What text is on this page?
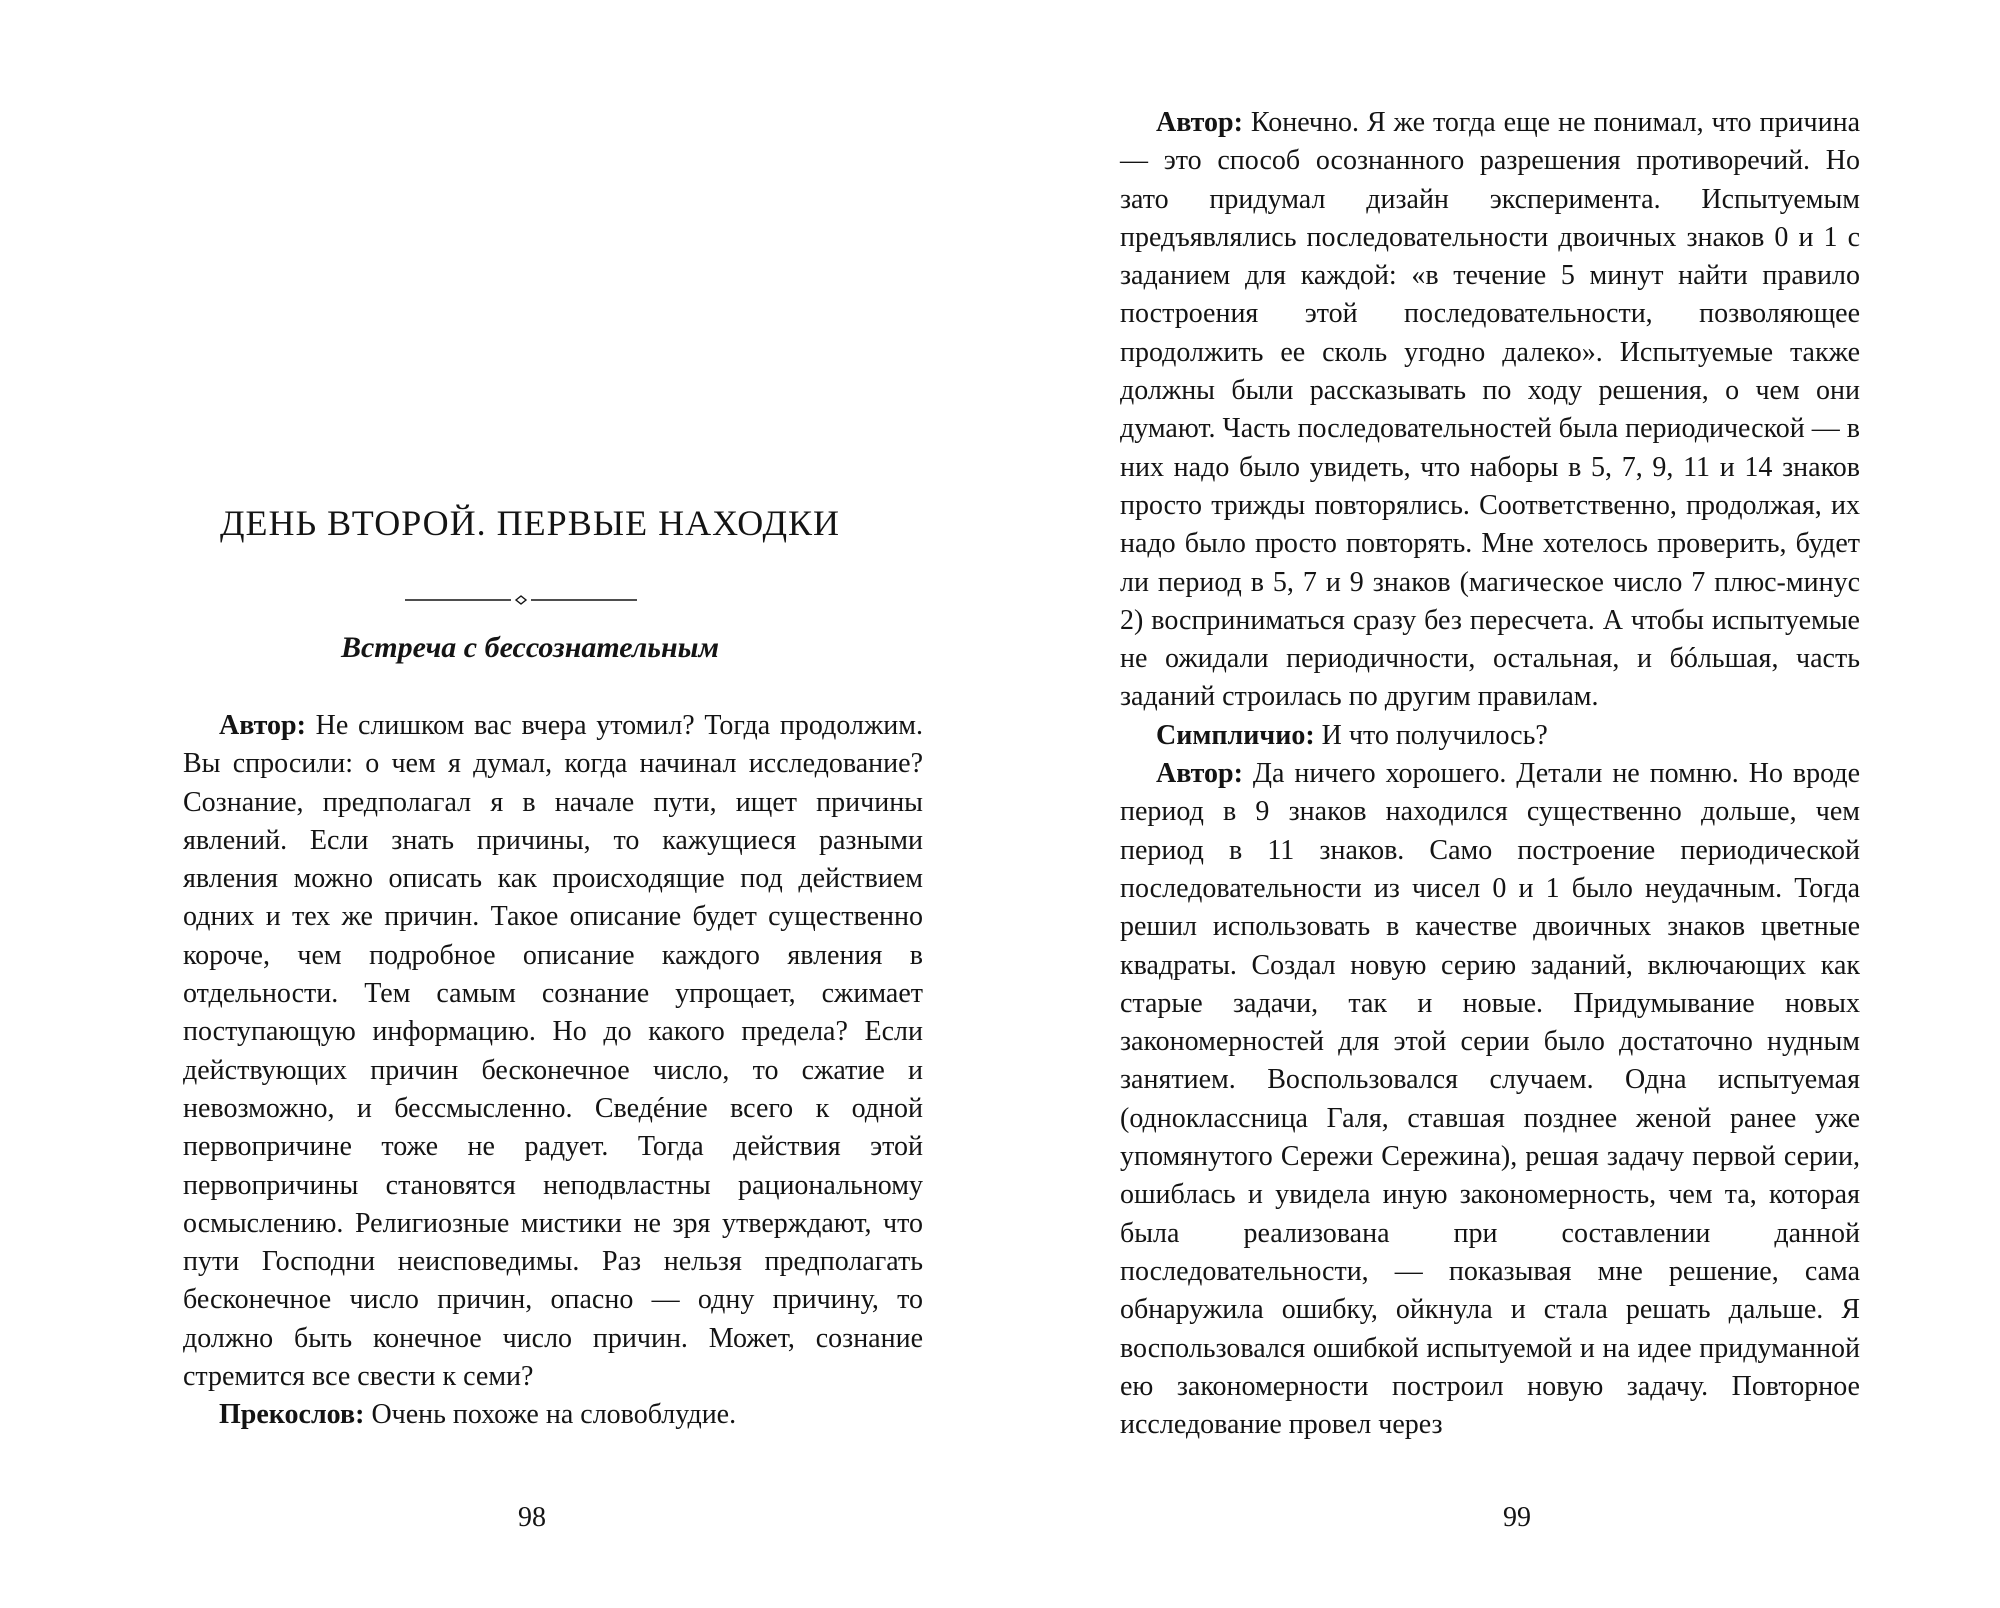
ДЕНЬ ВТОРОЙ. ПЕРВЫЕ НАХОДКИ
Встреча с бессознательным

Автор: Не слишком вас вчера утомил? Тогда продолжим. Вы спросили: о чем я думал, когда начинал исследование? Сознание, предполагал я в начале пути, ищет причины явлений. Если знать причины, то кажущиеся разными явления можно описать как происходящие под действием одних и тех же причин. Такое описание будет существенно короче, чем подробное описание каждого явления в отдельности. Тем самым сознание упрощает, сжимает поступающую информацию. Но до какого предела? Если действующих причин бесконечное число, то сжатие и невозможно, и бессмысленно. Сведéние всего к одной первопричине тоже не радует. Тогда действия этой первопричины становятся неподвластны рациональному осмыслению. Религиозные мистики не зря утверждают, что пути Господни неисповедимы. Раз нельзя предполагать бесконечное число причин, опасно — одну причину, то должно быть конечное число причин. Может, сознание стремится все свести к семи?

Прекослов: Очень похоже на словоблудие.

98

Автор: Конечно. Я же тогда еще не понимал, что причина — это способ осознанного разрешения противоречий. Но зато придумал дизайн эксперимента. Испытуемым предъявлялись последовательности двоичных знаков 0 и 1 с заданием для каждой: «в течение 5 минут найти правило построения этой последовательности, позволяющее продолжить ее сколь угодно далеко». Испытуемые также должны были рассказывать по ходу решения, о чем они думают. Часть последовательностей была периодической — в них надо было увидеть, что наборы в 5, 7, 9, 11 и 14 знаков просто трижды повторялись. Соответственно, продолжая, их надо было просто повторять. Мне хотелось проверить, будет ли период в 5, 7 и 9 знаков (магическое число 7 плюс-минус 2) восприниматься сразу без пересчета. А чтобы испытуемые не ожидали периодичности, остальная, и бóльшая, часть заданий строилась по другим правилам.

Симпличио: И что получилось?

Автор: Да ничего хорошего. Детали не помню. Но вроде период в 9 знаков находился существенно дольше, чем период в 11 знаков. Само построение периодической последовательности из чисел 0 и 1 было неудачным. Тогда решил использовать в качестве двоичных знаков цветные квадраты. Создал новую серию заданий, включающих как старые задачи, так и новые. Придумывание новых закономерностей для этой серии было достаточно нудным занятием. Воспользовался случаем. Одна испытуемая (одноклассница Галя, ставшая позднее женой ранее уже упомянутого Сережи Сережина), решая задачу первой серии, ошиблась и увидела иную закономерность, чем та, которая была реализована при составлении данной последовательности, — показывая мне решение, сама обнаружила ошибку, ойкнула и стала решать дальше. Я воспользовался ошибкой испытуемой и на идее придуманной ею закономерности построил новую задачу. Повторное исследование провел через

99
